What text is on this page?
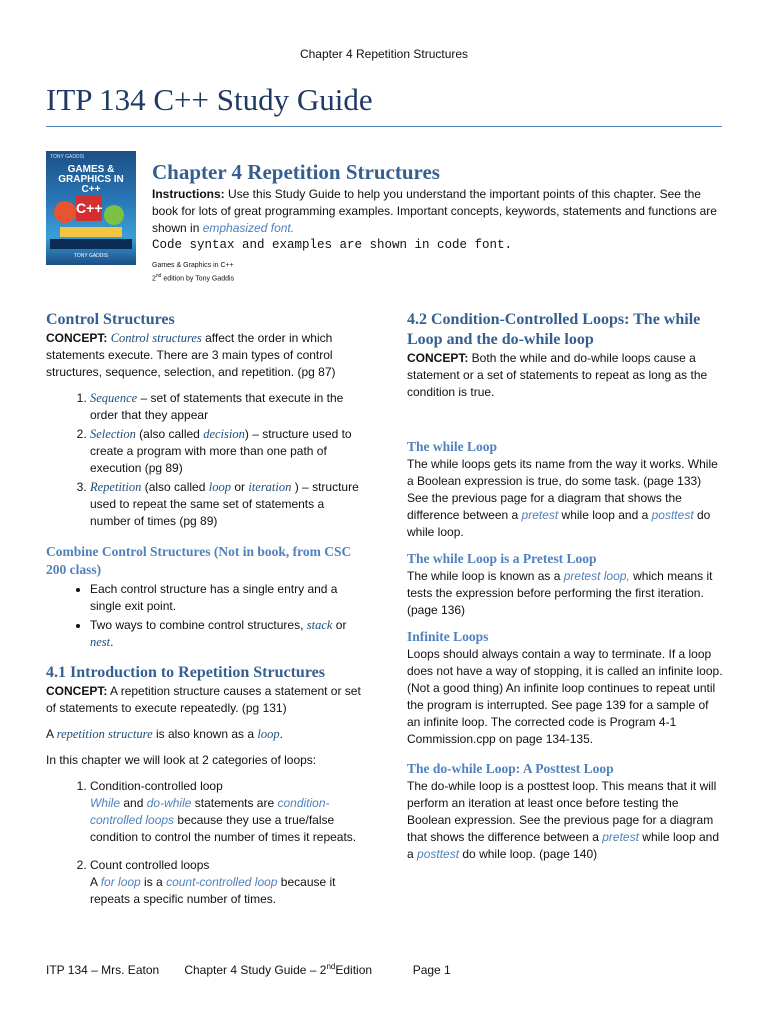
Chapter 4 Repetition Structures
ITP 134 C++ Study Guide
TONY GADDIS
GAMES &
GRAPHICS IN C++
C++
TONY GADDIS
Chapter 4 Repetition Structures
Instructions: Use this Study Guide to help you understand the important points of this chapter. See the book for lots of great programming examples. Important concepts, keywords, statements and functions are shown in emphasized font.
Code syntax and examples are shown in code font.
Games & Graphics in C++
2nd edition by Tony Gaddis
Control Structures

CONCEPT: Control structures affect the order in which statements execute. There are 3 main types of control structures, sequence, selection, and repetition. (pg 87)

1. Sequence – set of statements that execute in the order that they appear
2. Selection (also called decision) – structure used to create a program with more than one path of execution (pg 89)
3. Repetition (also called loop or iteration ) – structure used to repeat the same set of statements a number of times (pg 89)
Combine Control Structures (Not in book, from CSC 200 class)
• Each control structure has a single entry and a single exit point.
• Two ways to combine control structures, stack or nest.
4.1 Introduction to Repetition Structures

CONCEPT: A repetition structure causes a statement or set of statements to execute repeatedly. (pg 131)

A repetition structure is also known as a loop.

In this chapter we will look at 2 categories of loops:

1. Condition-controlled loop
While and do-while statements are condition-controlled loops because they use a true/false condition to control the number of times it repeats.
2. Count controlled loops
A for loop is a count-controlled loop because it repeats a specific number of times.
4.2 Condition-Controlled Loops: The while Loop and the do-while loop

CONCEPT: Both the while and do-while loops cause a statement or a set of statements to repeat as long as the condition is true.

The while Loop

The while loops gets its name from the way it works. While a Boolean expression is true, do some task. (page 133) See the previous page for a diagram that shows the difference between a pretest while loop and a posttest do while loop.

The while Loop is a Pretest Loop

The while loop is known as a pretest loop, which means it tests the expression before performing the first iteration. (page 136)

Infinite Loops

Loops should always contain a way to terminate. If a loop does not have a way of stopping, it is called an infinite loop. (Not a good thing) An infinite loop continues to repeat until the program is interrupted. See page 139 for a sample of an infinite loop. The corrected code is Program 4-1 Commission.cpp on page 134-135.

The do-while Loop: A Posttest Loop

The do-while loop is a posttest loop. This means that it will perform an iteration at least once before testing the Boolean expression. See the previous page for a diagram that shows the difference between a pretest while loop and a posttest do while loop. (page 140)

ITP 134 – Mrs. Eaton Chapter 4 Study Guide – 2ndEdition	Page 1
